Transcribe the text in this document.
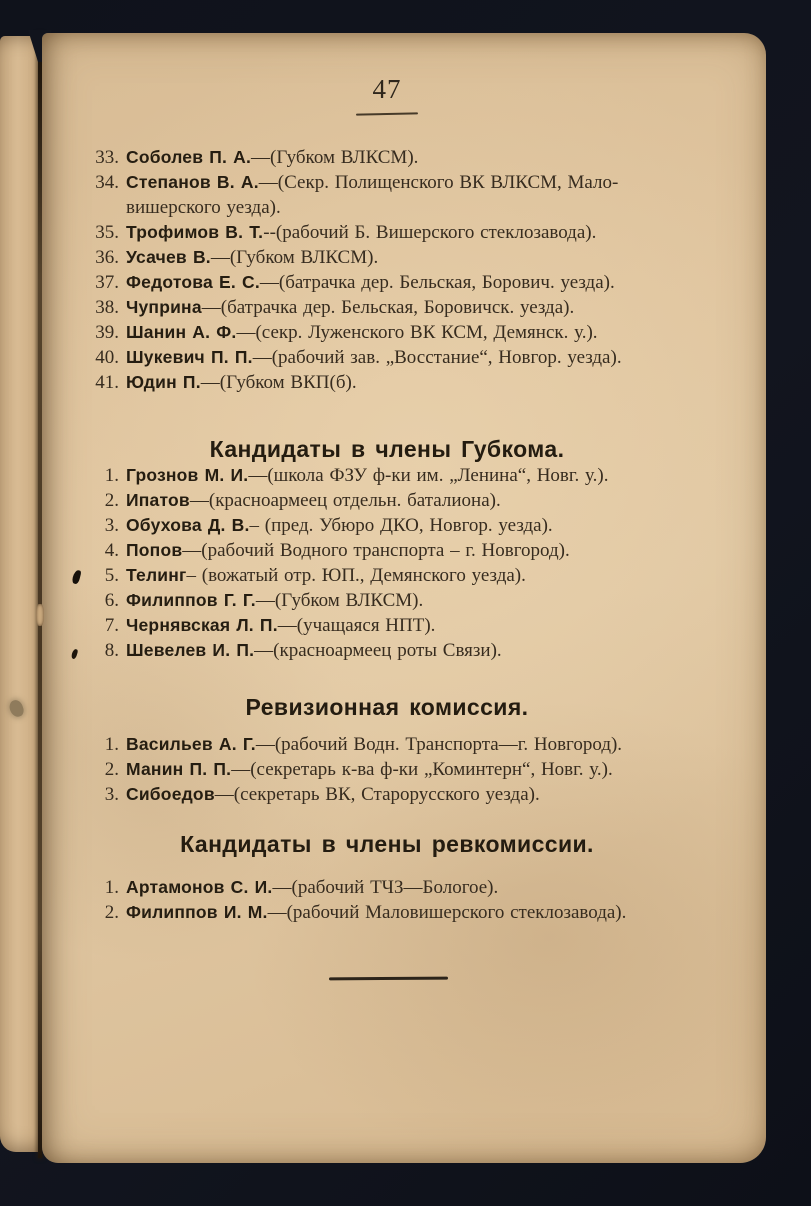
47
33. Соболев П. А.—(Губком ВЛКСМ).
34. Степанов В. А.—(Секр. Полищенского ВК ВЛКСМ, Мало-
вишерского уезда).
35. Трофимов В. Т.--(рабочий Б. Вишерского стеклозавода).
36. Усачев В.—(Губком ВЛКСМ).
37. Федотова Е. С.—(батрачка дер. Бельская, Борович. уезда).
38. Чуприна—(батрачка дер. Бельская, Боровичск. уезда).
39. Шанин А. Ф.—(секр. Луженского ВК КСМ, Демянск. у.).
40. Шукевич П. П.—(рабочий зав. „Восстание“, Новгор. уезда).
41. Юдин П.—(Губком ВКП(б).
Кандидаты в члены Губкома.
1. Грознов М. И.—(школа ФЗУ ф-ки им. „Ленина“, Новг. у.).
2. Ипатов—(красноармеец отдельн. баталиона).
3. Обухова Д. В.– (пред. Убюро ДКО, Новгор. уезда).
4. Попов—(рабочий Водного транспорта – г. Новгород).
5. Телинг– (вожатый отр. ЮП., Демянского уезда).
6. Филиппов Г. Г.—(Губком ВЛКСМ).
7. Чернявская Л. П.—(учащаяся НПТ).
8. Шевелев И. П.—(красноармеец роты Связи).
Ревизионная комиссия.
1. Васильев А. Г.—(рабочий Водн. Транспорта—г. Новгород).
2. Манин П. П.—(секретарь к-ва ф-ки „Коминтерн“, Новг. у.).
3. Сибоедов—(секретарь ВК, Старорусского уезда).
Кандидаты в члены ревкомиссии.
1. Артамонов С. И.—(рабочий ТЧЗ—Бологое).
2. Филиппов И. М.—(рабочий Маловишерского стеклозавода).
